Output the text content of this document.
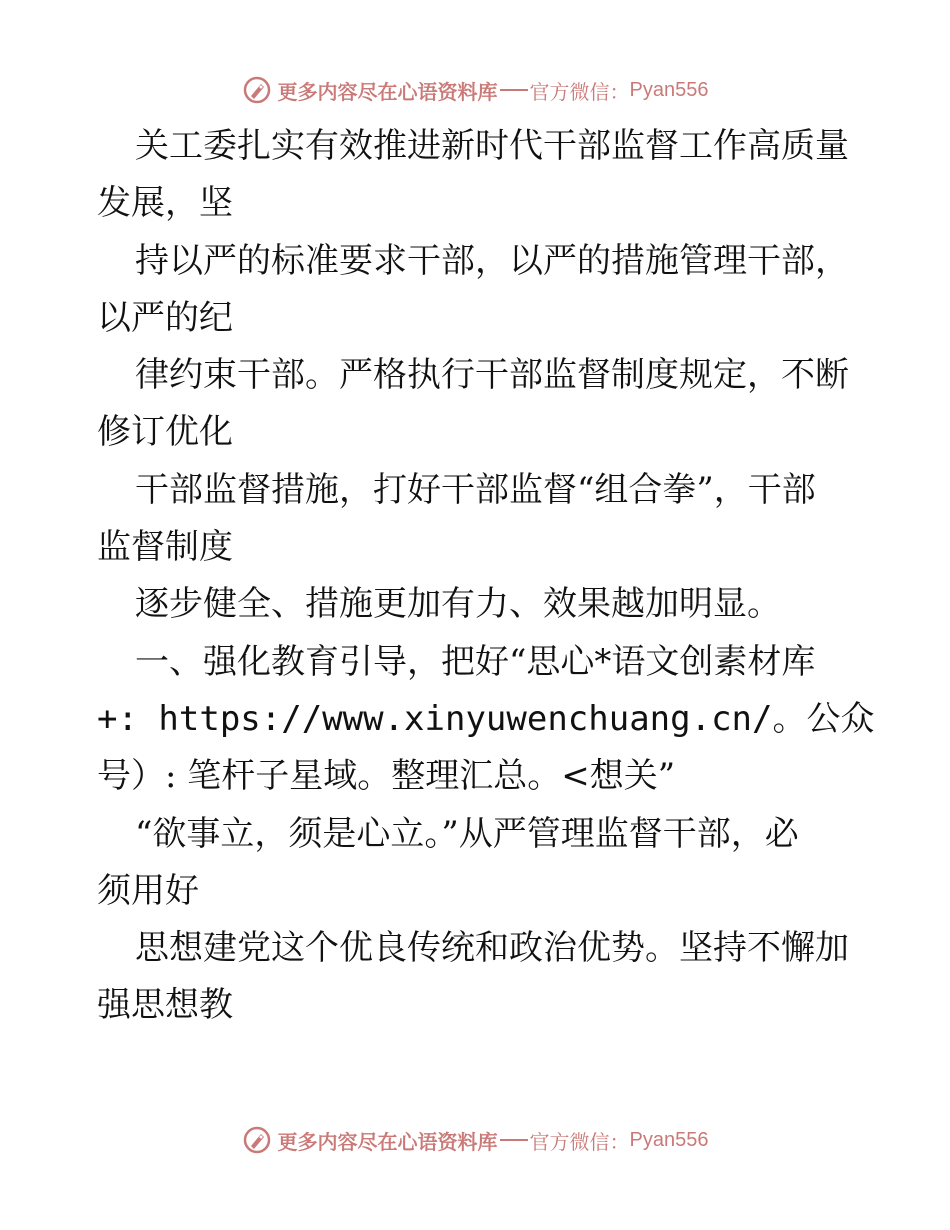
更多内容尽在心语资料库 官方微信： Pyan556
关工委扎实有效推进新时代干部监督工作高质量
发展，坚
持以严的标准要求干部，以严的措施管理干部，
以严的纪
律约束干部。严格执行干部监督制度规定，不断
修订优化
干部监督措施，打好干部监督“组合拳”，干部
监督制度
逐步健全、措施更加有力、效果越加明显。
一、强化教育引导，把好“思心*语文创素材库
+: https://www.xinyuwenchuang.cn/。公众
号）: 笔杆子星域。整理汇总。<想关”
“欲事立，须是心立。”从严管理监督干部，必
须用好
思想建党这个优良传统和政治优势。坚持不懈加
强思想教
更多内容尽在心语资料库 官方微信： Pyan556
